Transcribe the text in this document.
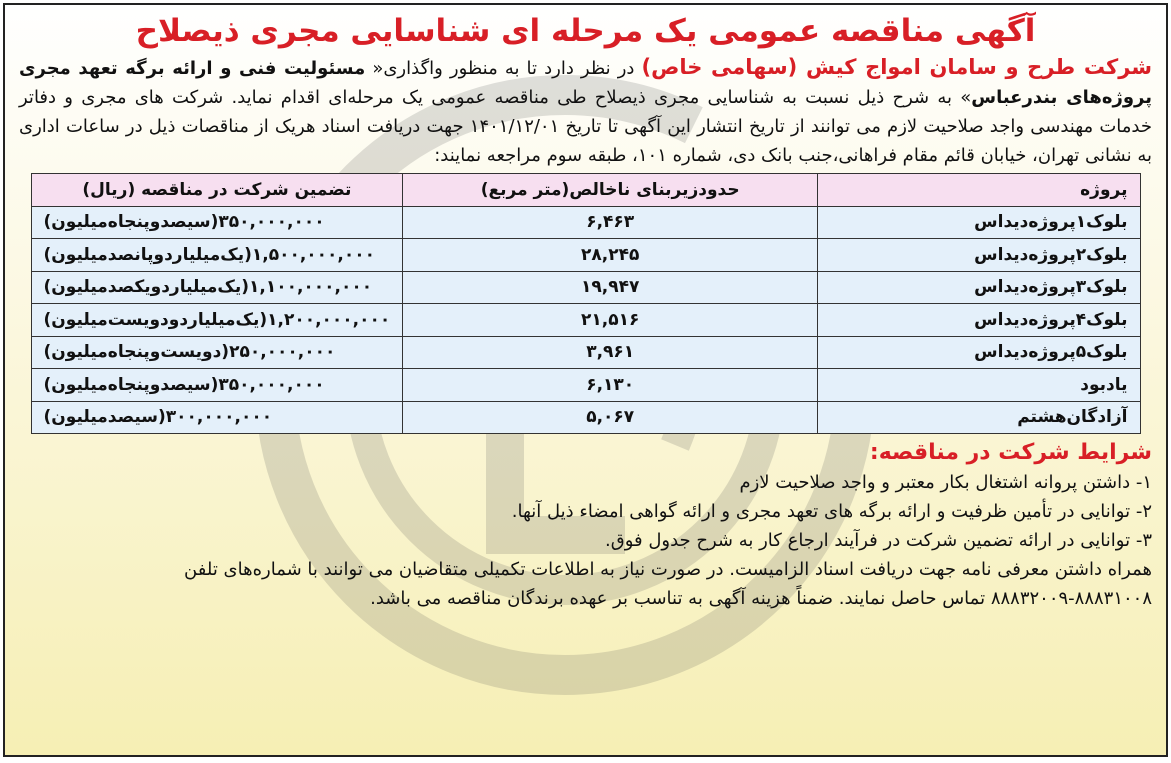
آگهی مناقصه عمومی یک مرحله ای شناسایی مجری ذیصلاح

شرکت طرح و سامان امواج کیش (سهامی خاص) در نظر دارد تا به منظور واگذاری« مسئولیت فنی و ارائه برگه تعهد مجری پروژه‌های بندرعباس» به شرح ذیل نسبت به شناسایی مجری ذیصلاح طی مناقصه عمومی یک مرحله‌ای اقدام نماید. شرکت های مجری و دفاتر خدمات مهندسی واجد صلاحیت لازم می توانند از تاریخ انتشار این آگهی تا تاریخ ۱۴۰۱/۱۲/۰۱ جهت دریافت اسناد هریک از مناقصات ذیل در ساعات اداری به نشانی تهران، خیابان قائم مقام فراهانی،جنب بانک دی، شماره ۱۰۱، طبقه سوم مراجعه نمایند:

پروژه	حدودزیربنای ناخالص(متر مربع)	تضمین شرکت در مناقصه (ریال)
بلوک۱پروژه‌دیداس	۶,۴۶۳	۳۵۰,۰۰۰,۰۰۰(سیصدوپنجاه‌میلیون)
بلوک۲پروژه‌دیداس	۲۸,۲۴۵	۱,۵۰۰,۰۰۰,۰۰۰(یک‌میلیاردوپانصدمیلیون)
بلوک۳پروژه‌دیداس	۱۹,۹۴۷	۱,۱۰۰,۰۰۰,۰۰۰(یک‌میلیاردویکصدمیلیون)
بلوک۴پروژه‌دیداس	۲۱,۵۱۶	۱,۲۰۰,۰۰۰,۰۰۰(یک‌میلیاردودویست‌میلیون)
بلوک۵پروژه‌دیداس	۳,۹۶۱	۲۵۰,۰۰۰,۰۰۰(دویست‌وپنجاه‌میلیون)
یادبود	۶,۱۳۰	۳۵۰,۰۰۰,۰۰۰(سیصدوپنجاه‌میلیون)
آزادگان‌هشتم	۵,۰۶۷	۳۰۰,۰۰۰,۰۰۰(سیصدمیلیون)
شرایط شرکت در مناقصه:

۱- داشتن پروانه اشتغال بکار معتبر و واجد صلاحیت لازم

۲- توانایی در تأمین ظرفیت و ارائه برگه های تعهد مجری و ارائه گواهی امضاء ذیل آنها.

۳- توانایی در ارائه تضمین شرکت در فرآیند ارجاع کار به شرح جدول فوق.

همراه داشتن معرفی نامه جهت دریافت اسناد الزامیست. در صورت نیاز به اطلاعات تکمیلی متقاضیان می توانند با شماره‌های تلفن ۸۸۸۳۱۰۰۸-۸۸۸۳۲۰۰۹ تماس حاصل نمایند. ضمناً هزینه آگهی به تناسب بر عهده برندگان مناقصه می باشد.
